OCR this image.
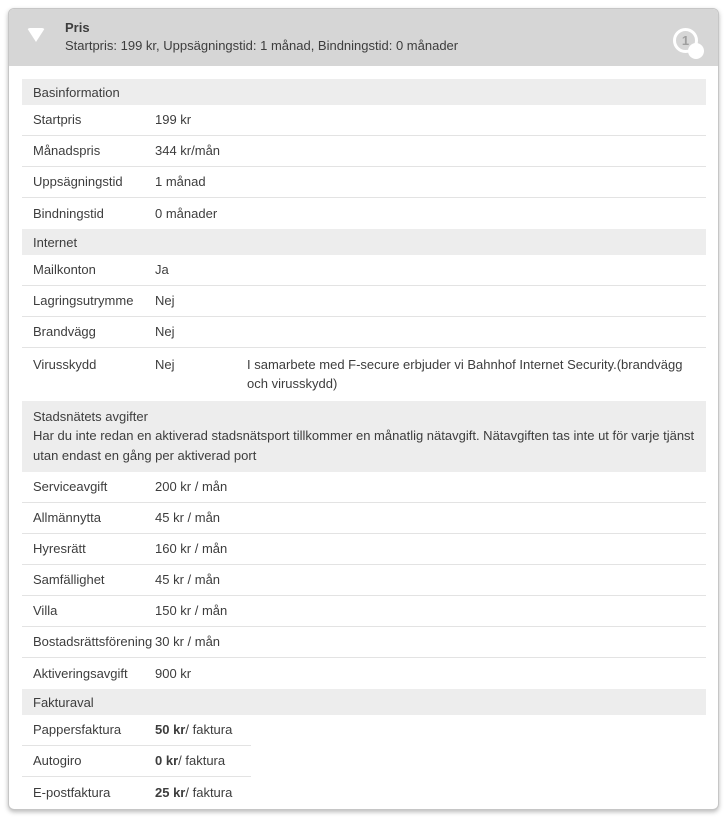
Pris
Startpris: 199 kr, Uppsägningstid: 1 månad, Bindningstid: 0 månader	1
Basinformation
Startpris	199 kr
Månadspris	344 kr/mån
Uppsägningstid	1 månad
Bindningstid	0 månader
Internet
Mailkonton	Ja
Lagringsutrymme	Nej
Brandvägg	Nej
Virusskydd	Nej	I samarbete med F-secure erbjuder vi Bahnhof Internet Security.(brandvägg och virusskydd)
Stadsnätets avgifter
Har du inte redan en aktiverad stadsnätsport tillkommer en månatlig nätavgift. Nätavgiften tas inte ut för varje tjänst utan endast en gång per aktiverad port
Serviceavgift	200 kr / mån
Allmännytta	45 kr / mån
Hyresrätt	160 kr / mån
Samfällighet	45 kr / mån
Villa	150 kr / mån
Bostadsrättsförening 30 kr / mån
Aktiveringsavgift	900 kr
Fakturaval
Pappersfaktura	50 kr/ faktura
Autogiro	0 kr/ faktura
E-postfaktura	25 kr/ faktura
